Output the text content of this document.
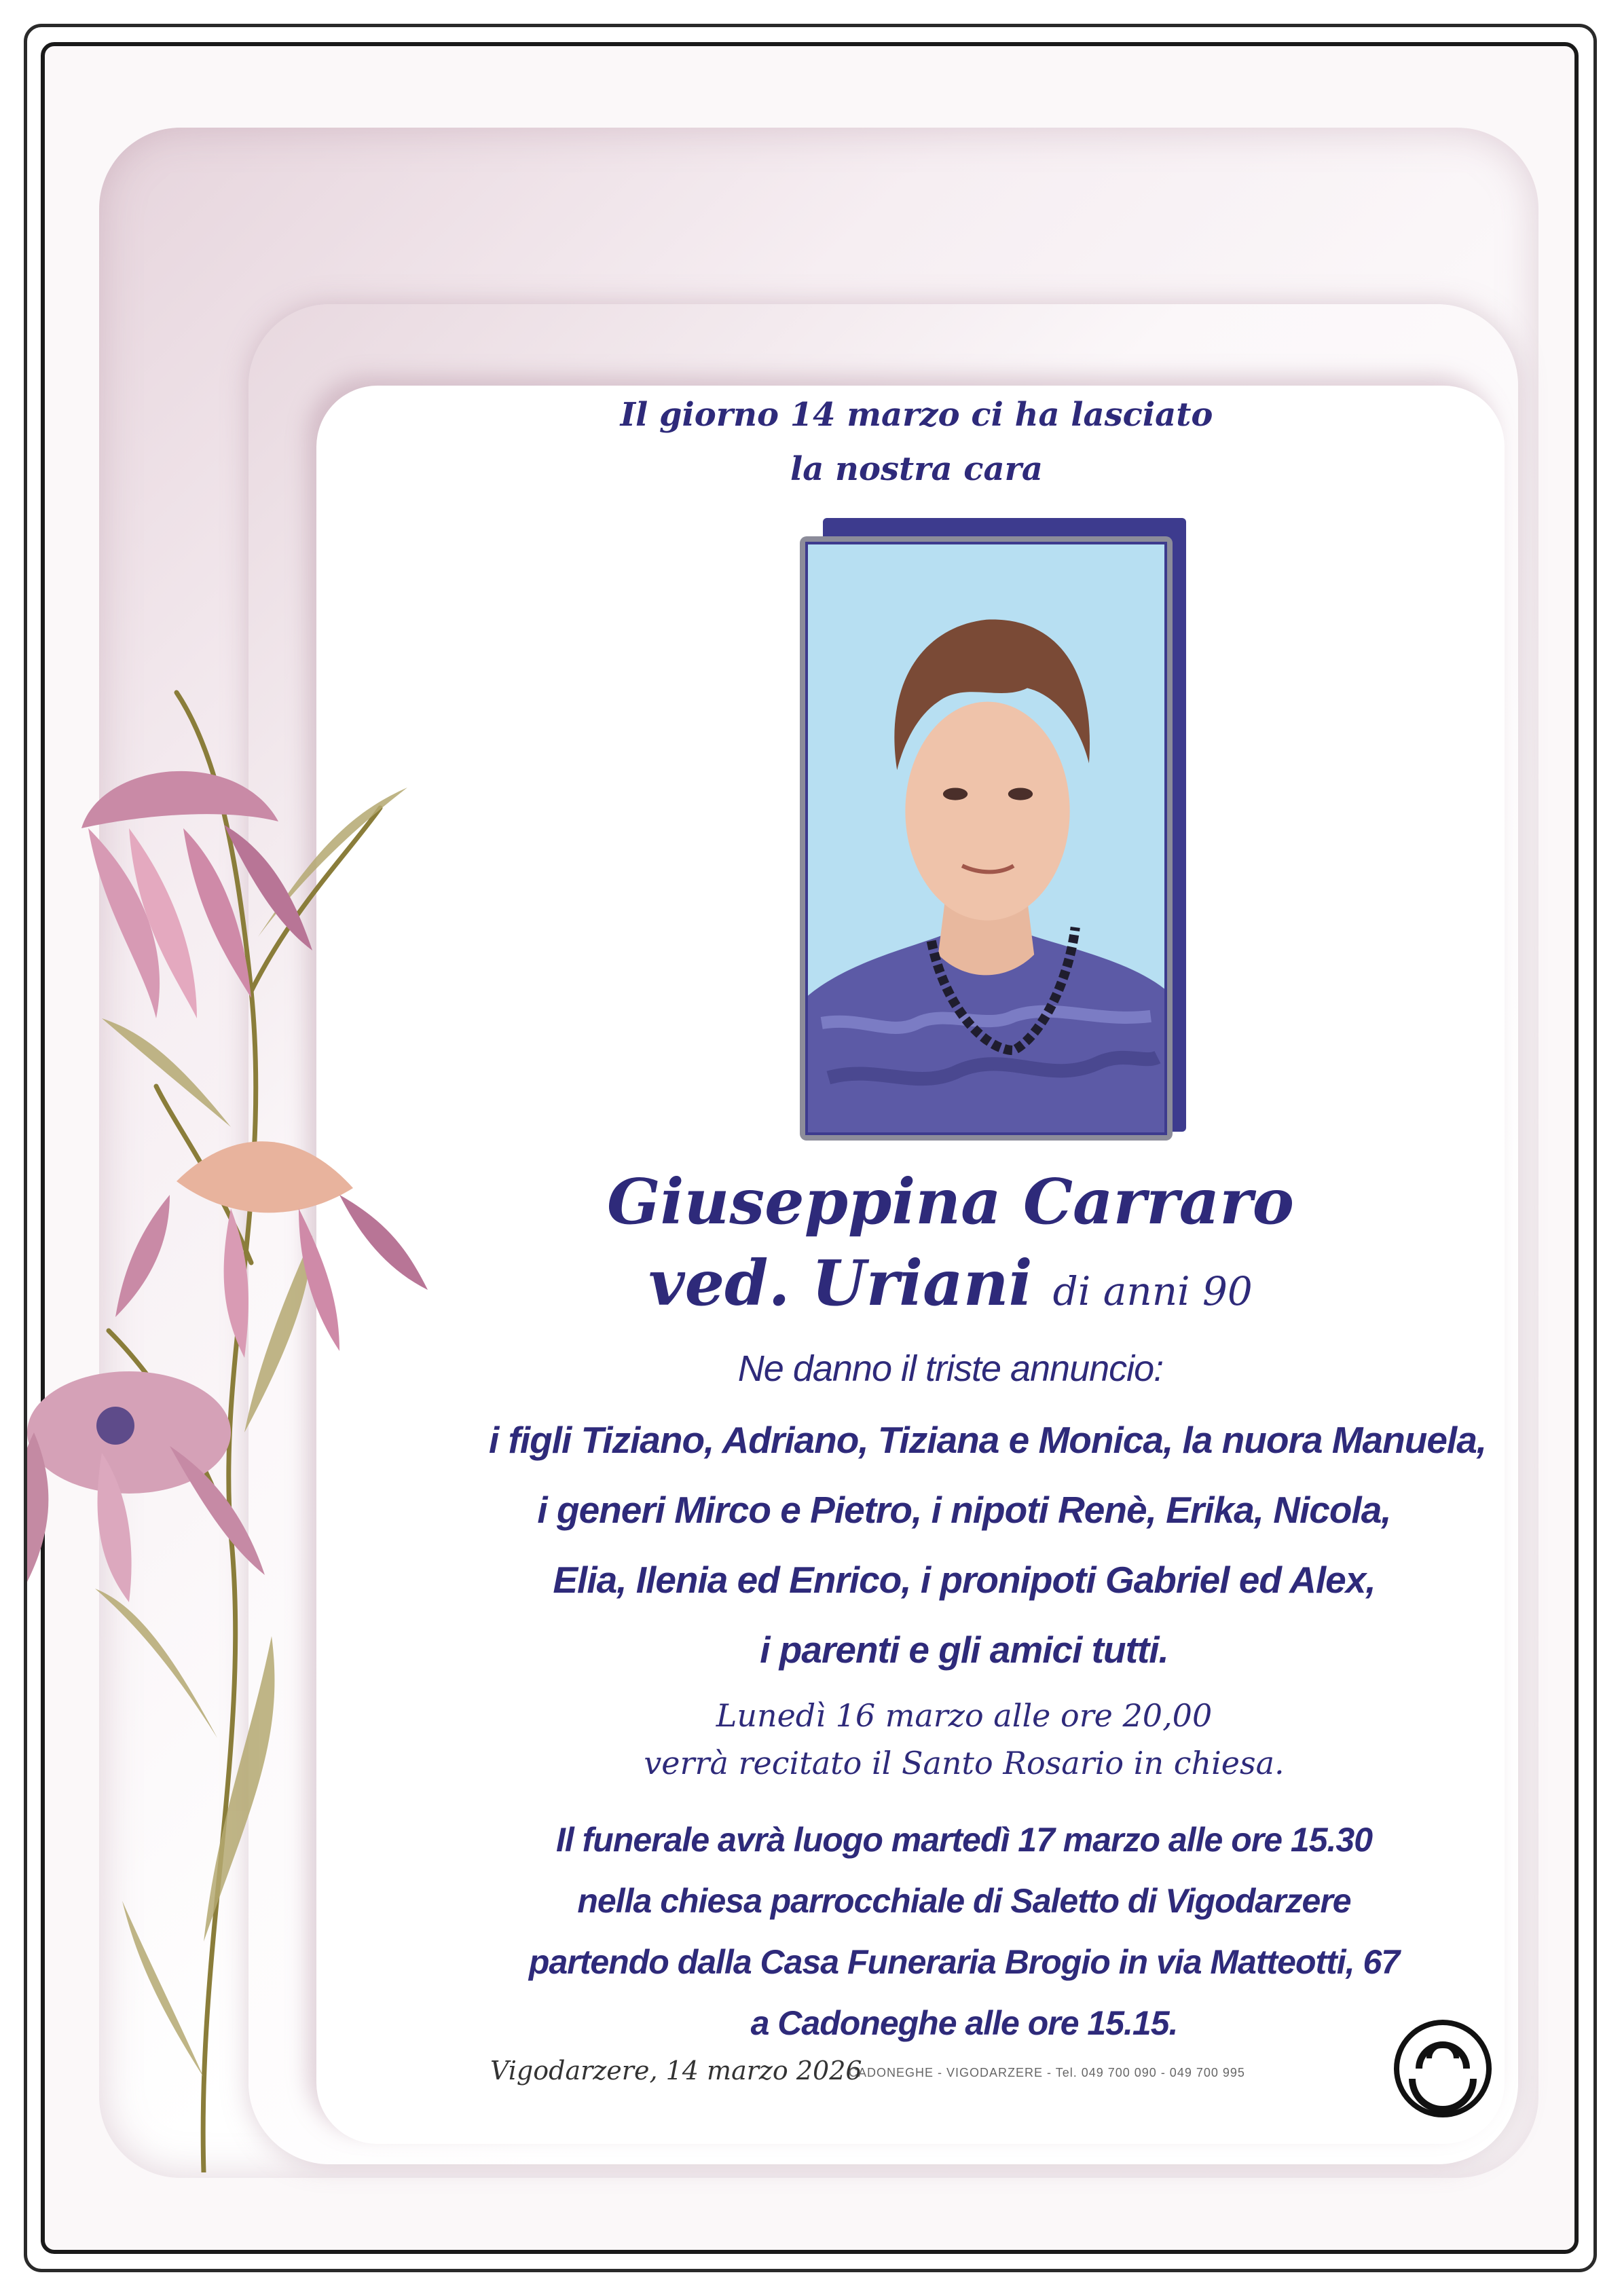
Il giorno 14 marzo ci ha lasciato
la nostra cara
Giuseppina Carraro
ved. Uriani di anni 90
Ne danno il triste annuncio:
i figli Tiziano, Adriano, Tiziana e Monica, la nuora Manuela,
i generi Mirco e Pietro, i nipoti Renè, Erika, Nicola,
Elia, Ilenia ed Enrico, i pronipoti Gabriel ed Alex,
i parenti e gli amici tutti.
Lunedì 16 marzo alle ore 20,00
verrà recitato il Santo Rosario in chiesa.
Il funerale avrà luogo martedì 17 marzo alle ore 15.30
nella chiesa parrocchiale di Saletto di Vigodarzere
partendo dalla Casa Funeraria Brogio in via Matteotti, 67
a Cadoneghe alle ore 15.15.
Vigodarzere, 14 marzo 2026
CADONEGHE - VIGODARZERE - Tel. 049 700 090 - 049 700 995
